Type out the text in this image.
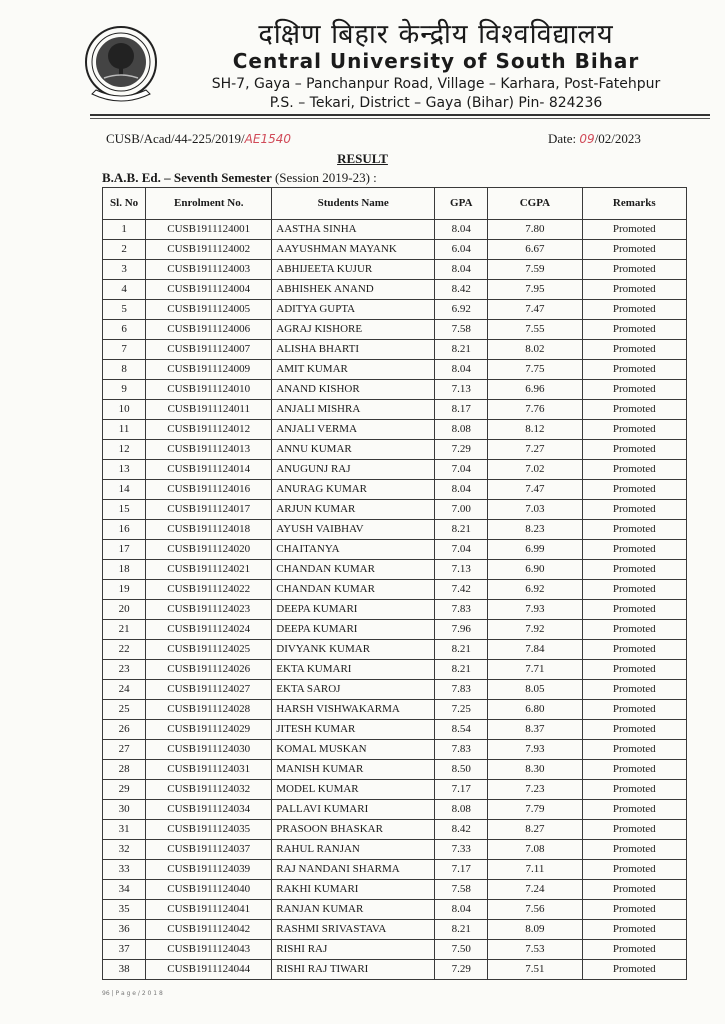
दक्षिण बिहार केन्द्रीय विश्वविद्यालय
Central University of South Bihar
SH-7, Gaya – Panchanpur Road, Village – Karhara, Post-Fatehpur
P.S. – Tekari, District – Gaya (Bihar) Pin- 824236
CUSB/Acad/44-225/2019/AE1540	Date: 09/02/2023
RESULT
B.A.B. Ed. – Seventh Semester (Session 2019-23) :
Sl. No	Enrolment No.	Students Name	GPA	CGPA	Remarks
1	CUSB1911124001	AASTHA SINHA	8.04	7.80	Promoted
2	CUSB1911124002	AAYUSHMAN MAYANK	6.04	6.67	Promoted
3	CUSB1911124003	ABHIJEETA KUJUR	8.04	7.59	Promoted
4	CUSB1911124004	ABHISHEK ANAND	8.42	7.95	Promoted
5	CUSB1911124005	ADITYA GUPTA	6.92	7.47	Promoted
6	CUSB1911124006	AGRAJ KISHORE	7.58	7.55	Promoted
7	CUSB1911124007	ALISHA BHARTI	8.21	8.02	Promoted
8	CUSB1911124009	AMIT KUMAR	8.04	7.75	Promoted
9	CUSB1911124010	ANAND KISHOR	7.13	6.96	Promoted
10	CUSB1911124011	ANJALI MISHRA	8.17	7.76	Promoted
11	CUSB1911124012	ANJALI VERMA	8.08	8.12	Promoted
12	CUSB1911124013	ANNU KUMAR	7.29	7.27	Promoted
13	CUSB1911124014	ANUGUNJ RAJ	7.04	7.02	Promoted
14	CUSB1911124016	ANURAG KUMAR	8.04	7.47	Promoted
15	CUSB1911124017	ARJUN KUMAR	7.00	7.03	Promoted
16	CUSB1911124018	AYUSH VAIBHAV	8.21	8.23	Promoted
17	CUSB1911124020	CHAITANYA	7.04	6.99	Promoted
18	CUSB1911124021	CHANDAN KUMAR	7.13	6.90	Promoted
19	CUSB1911124022	CHANDAN KUMAR	7.42	6.92	Promoted
20	CUSB1911124023	DEEPA KUMARI	7.83	7.93	Promoted
21	CUSB1911124024	DEEPA KUMARI	7.96	7.92	Promoted
22	CUSB1911124025	DIVYANK KUMAR	8.21	7.84	Promoted
23	CUSB1911124026	EKTA KUMARI	8.21	7.71	Promoted
24	CUSB1911124027	EKTA SAROJ	7.83	8.05	Promoted
25	CUSB1911124028	HARSH VISHWAKARMA	7.25	6.80	Promoted
26	CUSB1911124029	JITESH KUMAR	8.54	8.37	Promoted
27	CUSB1911124030	KOMAL MUSKAN	7.83	7.93	Promoted
28	CUSB1911124031	MANISH KUMAR	8.50	8.30	Promoted
29	CUSB1911124032	MODEL KUMAR	7.17	7.23	Promoted
30	CUSB1911124034	PALLAVI KUMARI	8.08	7.79	Promoted
31	CUSB1911124035	PRASOON BHASKAR	8.42	8.27	Promoted
32	CUSB1911124037	RAHUL RANJAN	7.33	7.08	Promoted
33	CUSB1911124039	RAJ NANDANI SHARMA	7.17	7.11	Promoted
34	CUSB1911124040	RAKHI KUMARI	7.58	7.24	Promoted
35	CUSB1911124041	RANJAN KUMAR	8.04	7.56	Promoted
36	CUSB1911124042	RASHMI SRIVASTAVA	8.21	8.09	Promoted
37	CUSB1911124043	RISHI RAJ	7.50	7.53	Promoted
38	CUSB1911124044	RISHI RAJ TIWARI	7.29	7.51	Promoted
96 | P a g e / 2 0 1 8
